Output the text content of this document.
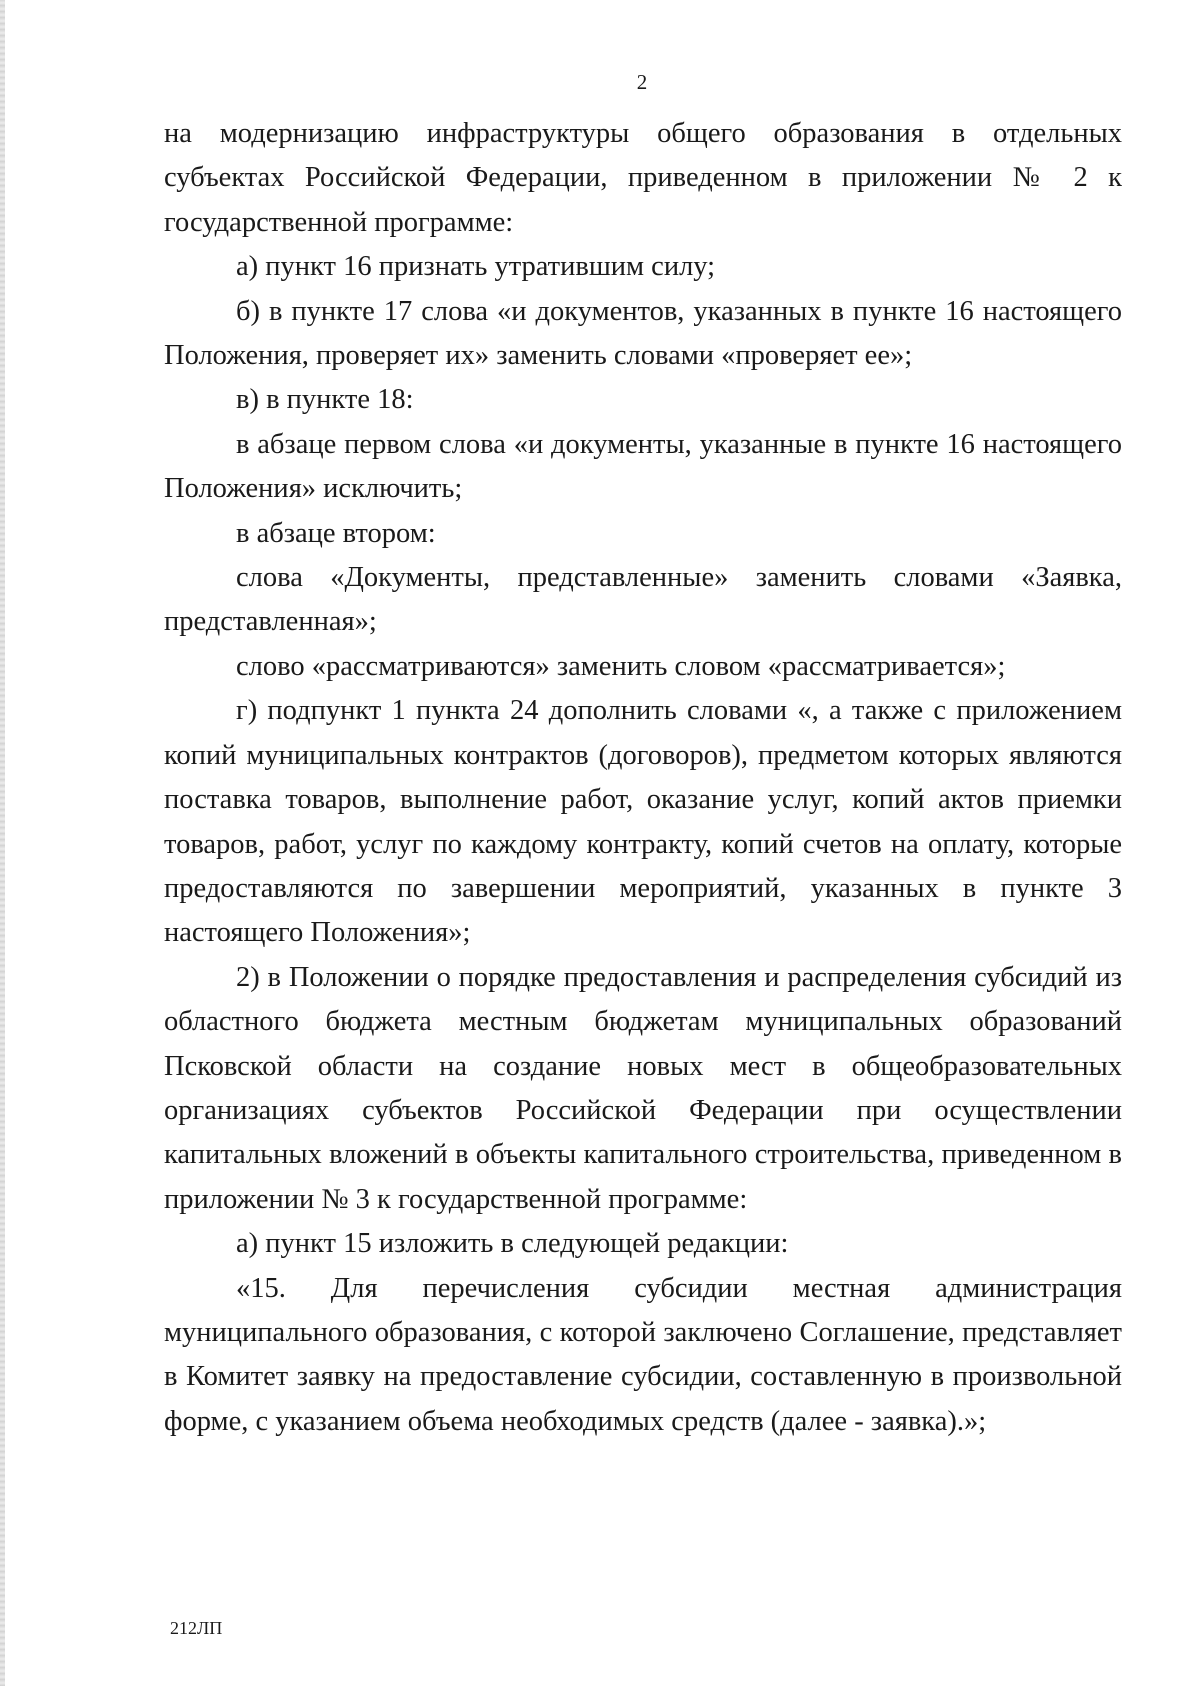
2

на модернизацию инфраструктуры общего образования в отдельных субъектах Российской Федерации, приведенном в приложении № 2 к государственной программе:

а) пункт 16 признать утратившим силу;

б) в пункте 17 слова «и документов, указанных в пункте 16 настоящего Положения, проверяет их» заменить словами «проверяет ее»;

в) в пункте 18:

в абзаце первом слова «и документы, указанные в пункте 16 настоящего Положения» исключить;

в абзаце втором:

слова «Документы, представленные» заменить словами «Заявка, представленная»;

слово «рассматриваются» заменить словом «рассматривается»;

г) подпункт 1 пункта 24 дополнить словами «, а также с приложением копий муниципальных контрактов (договоров), предметом которых являются поставка товаров, выполнение работ, оказание услуг, копий актов приемки товаров, работ, услуг по каждому контракту, копий счетов на оплату, которые предоставляются по завершении мероприятий, указанных в пункте 3 настоящего Положения»;

2) в Положении о порядке предоставления и распределения субсидий из областного бюджета местным бюджетам муниципальных образований Псковской области на создание новых мест в общеобразовательных организациях субъектов Российской Федерации при осуществлении капитальных вложений в объекты капитального строительства, приведенном в приложении № 3 к государственной программе:

а) пункт 15 изложить в следующей редакции:

«15. Для перечисления субсидии местная администрация муниципального образования, с которой заключено Соглашение, представляет в Комитет заявку на предоставление субсидии, составленную в произвольной форме, с указанием объема необходимых средств (далее - заявка).»;

212ЛП
